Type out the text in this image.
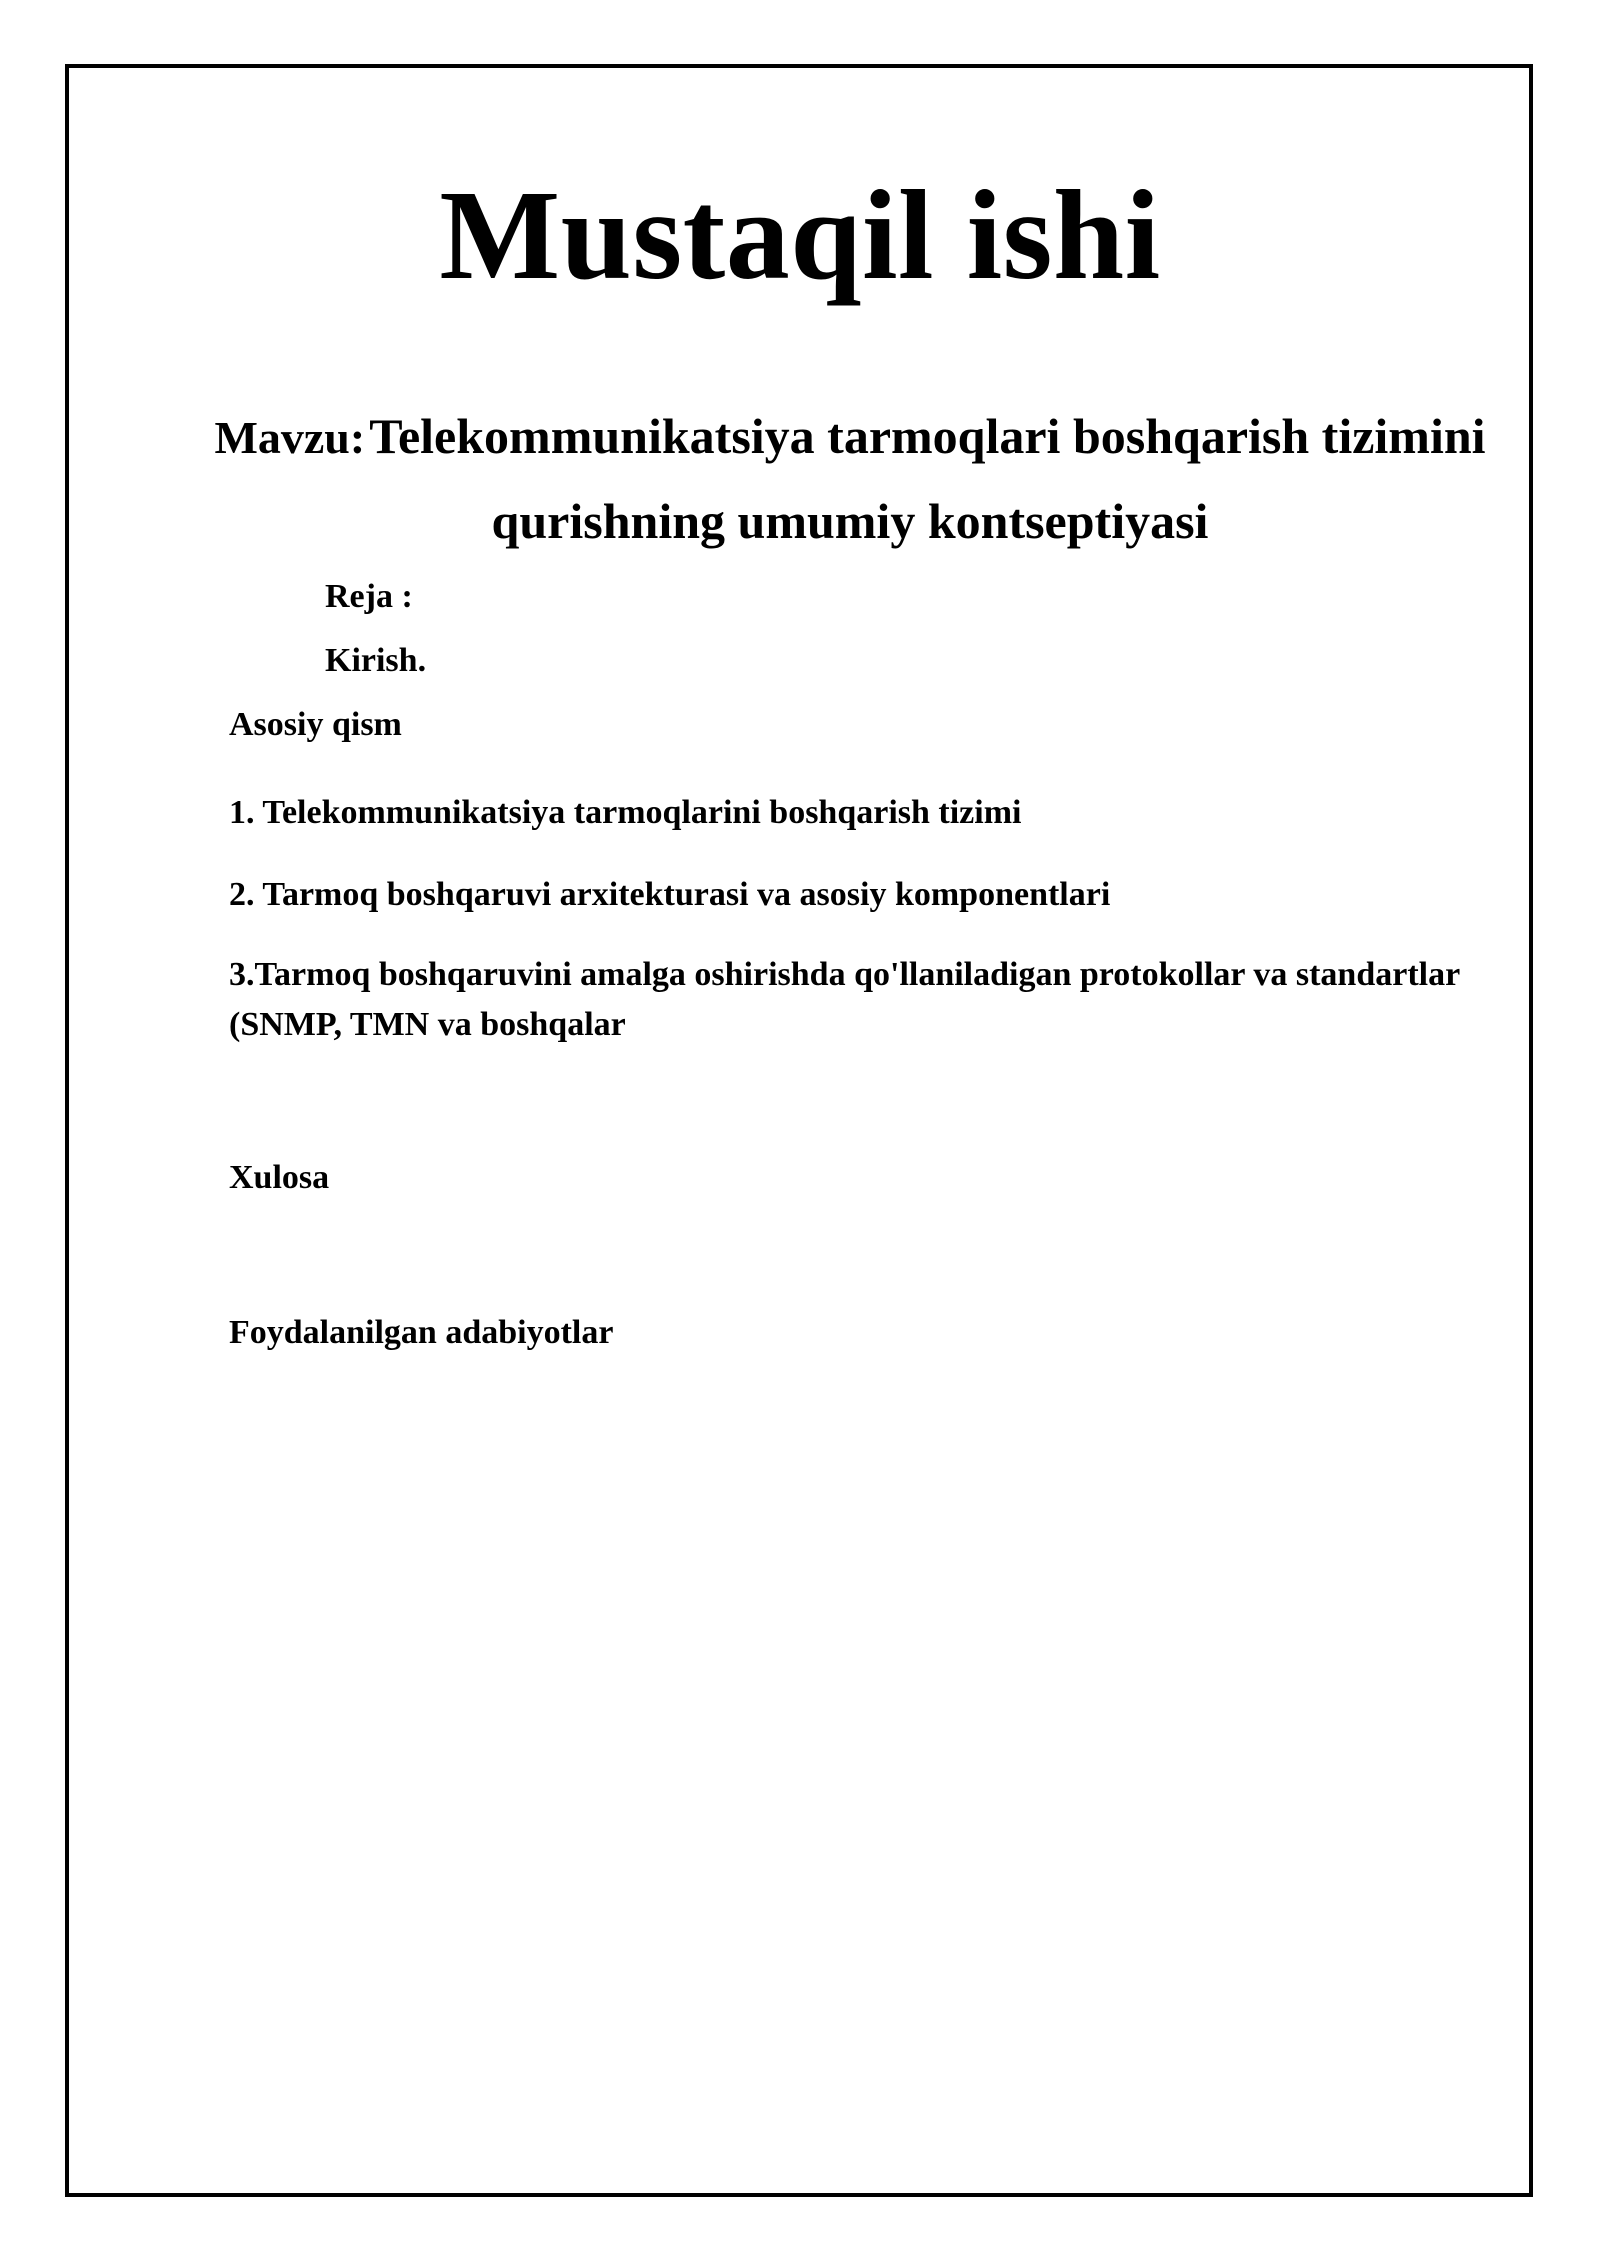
Mustaqil ishi

Mavzu: Telekommunikatsiya tarmoqlari boshqarish tizimini qurishning umumiy kontseptiyasi

Reja :

Kirish.

Asosiy qism

1. Telekommunikatsiya tarmoqlarini boshqarish tizimi

2. Tarmoq boshqaruvi arxitekturasi va asosiy komponentlari

3.Tarmoq boshqaruvini amalga oshirishda qo'llaniladigan protokollar va standartlar (SNMP, TMN va boshqalar

Xulosa

Foydalanilgan adabiyotlar
